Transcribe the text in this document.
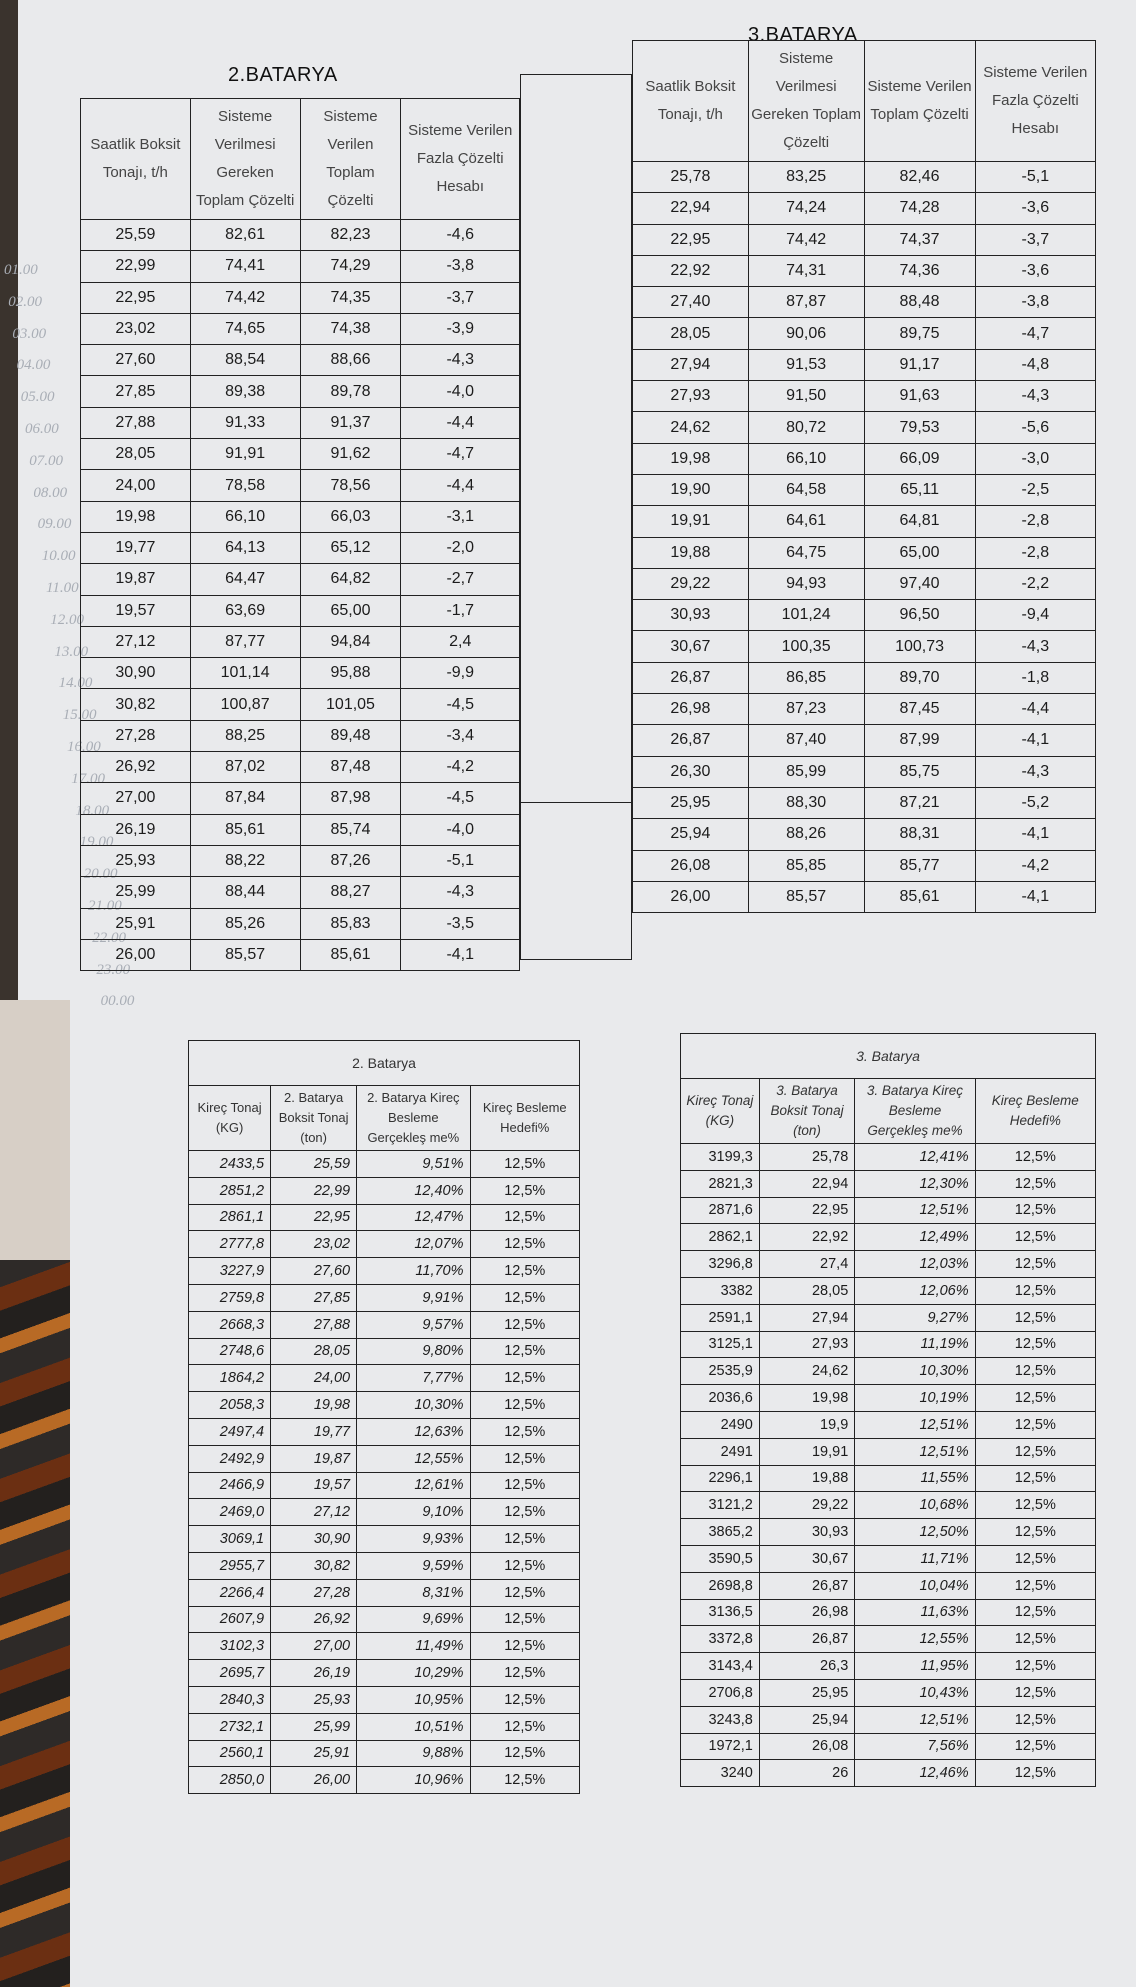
01.00
02.00
03.00
04.00
05.00
06.00
07.00
08.00
09.00
10.00
11.00
12.00
13.00
14.00
15.00
16.00
17.00
18.00
19.00
20.00
21.00
22.00
23.00
00.00
2.BATARYA
3.BATARYA
Saatlik Boksit Tonajı, t/h	Sisteme Verilmesi Gereken Toplam Çözelti	Sisteme Verilen Toplam Çözelti	Sisteme Verilen Fazla Çözelti Hesabı
25,59	82,61	82,23	-4,6
22,99	74,41	74,29	-3,8
22,95	74,42	74,35	-3,7
23,02	74,65	74,38	-3,9
27,60	88,54	88,66	-4,3
27,85	89,38	89,78	-4,0
27,88	91,33	91,37	-4,4
28,05	91,91	91,62	-4,7
24,00	78,58	78,56	-4,4
19,98	66,10	66,03	-3,1
19,77	64,13	65,12	-2,0
19,87	64,47	64,82	-2,7
19,57	63,69	65,00	-1,7
27,12	87,77	94,84	2,4
30,90	101,14	95,88	-9,9
30,82	100,87	101,05	-4,5
27,28	88,25	89,48	-3,4
26,92	87,02	87,48	-4,2
27,00	87,84	87,98	-4,5
26,19	85,61	85,74	-4,0
25,93	88,22	87,26	-5,1
25,99	88,44	88,27	-4,3
25,91	85,26	85,83	-3,5
26,00	85,57	85,61	-4,1

Saatlik Boksit Tonajı, t/h	Sisteme Verilmesi Gereken Toplam Çözelti	Sisteme Verilen Toplam Çözelti	Sisteme Verilen Fazla Çözelti Hesabı
25,78	83,25	82,46	-5,1
22,94	74,24	74,28	-3,6
22,95	74,42	74,37	-3,7
22,92	74,31	74,36	-3,6
27,40	87,87	88,48	-3,8
28,05	90,06	89,75	-4,7
27,94	91,53	91,17	-4,8
27,93	91,50	91,63	-4,3
24,62	80,72	79,53	-5,6
19,98	66,10	66,09	-3,0
19,90	64,58	65,11	-2,5
19,91	64,61	64,81	-2,8
19,88	64,75	65,00	-2,8
29,22	94,93	97,40	-2,2
30,93	101,24	96,50	-9,4
30,67	100,35	100,73	-4,3
26,87	86,85	89,70	-1,8
26,98	87,23	87,45	-4,4
26,87	87,40	87,99	-4,1
26,30	85,99	85,75	-4,3
25,95	88,30	87,21	-5,2
25,94	88,26	88,31	-4,1
26,08	85,85	85,77	-4,2
26,00	85,57	85,61	-4,1
2. Batarya			
Kireç Tonaj (KG)	2. Batarya Boksit Tonaj (ton)	2. Batarya Kireç Besleme Gerçekleş me%	Kireç Besleme Hedefi%
2433,5	25,59	9,51%	12,5%
2851,2	22,99	12,40%	12,5%
2861,1	22,95	12,47%	12,5%
2777,8	23,02	12,07%	12,5%
3227,9	27,60	11,70%	12,5%
2759,8	27,85	9,91%	12,5%
2668,3	27,88	9,57%	12,5%
2748,6	28,05	9,80%	12,5%
1864,2	24,00	7,77%	12,5%
2058,3	19,98	10,30%	12,5%
2497,4	19,77	12,63%	12,5%
2492,9	19,87	12,55%	12,5%
2466,9	19,57	12,61%	12,5%
2469,0	27,12	9,10%	12,5%
3069,1	30,90	9,93%	12,5%
2955,7	30,82	9,59%	12,5%
2266,4	27,28	8,31%	12,5%
2607,9	26,92	9,69%	12,5%
3102,3	27,00	11,49%	12,5%
2695,7	26,19	10,29%	12,5%
2840,3	25,93	10,95%	12,5%
2732,1	25,99	10,51%	12,5%
2560,1	25,91	9,88%	12,5%
2850,0	26,00	10,96%	12,5%
3. Batarya			
Kireç Tonaj (KG)	3. Batarya Boksit Tonaj (ton)	3. Batarya Kireç Besleme Gerçekleş me%	Kireç Besleme Hedefi%
3199,3	25,78	12,41%	12,5%
2821,3	22,94	12,30%	12,5%
2871,6	22,95	12,51%	12,5%
2862,1	22,92	12,49%	12,5%
3296,8	27,4	12,03%	12,5%
3382	28,05	12,06%	12,5%
2591,1	27,94	9,27%	12,5%
3125,1	27,93	11,19%	12,5%
2535,9	24,62	10,30%	12,5%
2036,6	19,98	10,19%	12,5%
2490	19,9	12,51%	12,5%
2491	19,91	12,51%	12,5%
2296,1	19,88	11,55%	12,5%
3121,2	29,22	10,68%	12,5%
3865,2	30,93	12,50%	12,5%
3590,5	30,67	11,71%	12,5%
2698,8	26,87	10,04%	12,5%
3136,5	26,98	11,63%	12,5%
3372,8	26,87	12,55%	12,5%
3143,4	26,3	11,95%	12,5%
2706,8	25,95	10,43%	12,5%
3243,8	25,94	12,51%	12,5%
1972,1	26,08	7,56%	12,5%
3240	26	12,46%	12,5%
